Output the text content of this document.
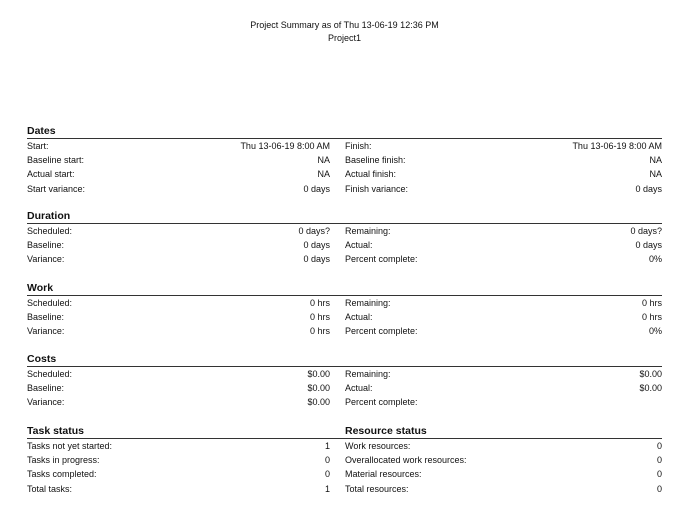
Project Summary as of Thu 13-06-19 12:36 PM
Project1
Dates
Start:	Thu 13-06-19 8:00 AM Finish:	Thu 13-06-19 8:00 AM
Baseline start:	NA Baseline finish:	NA
Actual start:	NA Actual finish:	NA
Start variance:	0 days Finish variance:	0 days
Duration
Scheduled:	0 days? Remaining:	0 days?
Baseline:	0 days Actual:	0 days
Variance:	0 days Percent complete:	0%
Work
Scheduled:	0 hrs Remaining:	0 hrs
Baseline:	0 hrs Actual:	0 hrs
Variance:	0 hrs Percent complete:	0%
Costs
Scheduled:	$0.00 Remaining:	$0.00
Baseline:	$0.00 Actual:	$0.00
Variance:	$0.00 Percent complete:
Task status	Resource status
Tasks not yet started:	1 Work resources:	0
Tasks in progress:	0 Overallocated work resources:	0
Tasks completed:	0 Material resources:	0
Total tasks:	1 Total resources:	0
